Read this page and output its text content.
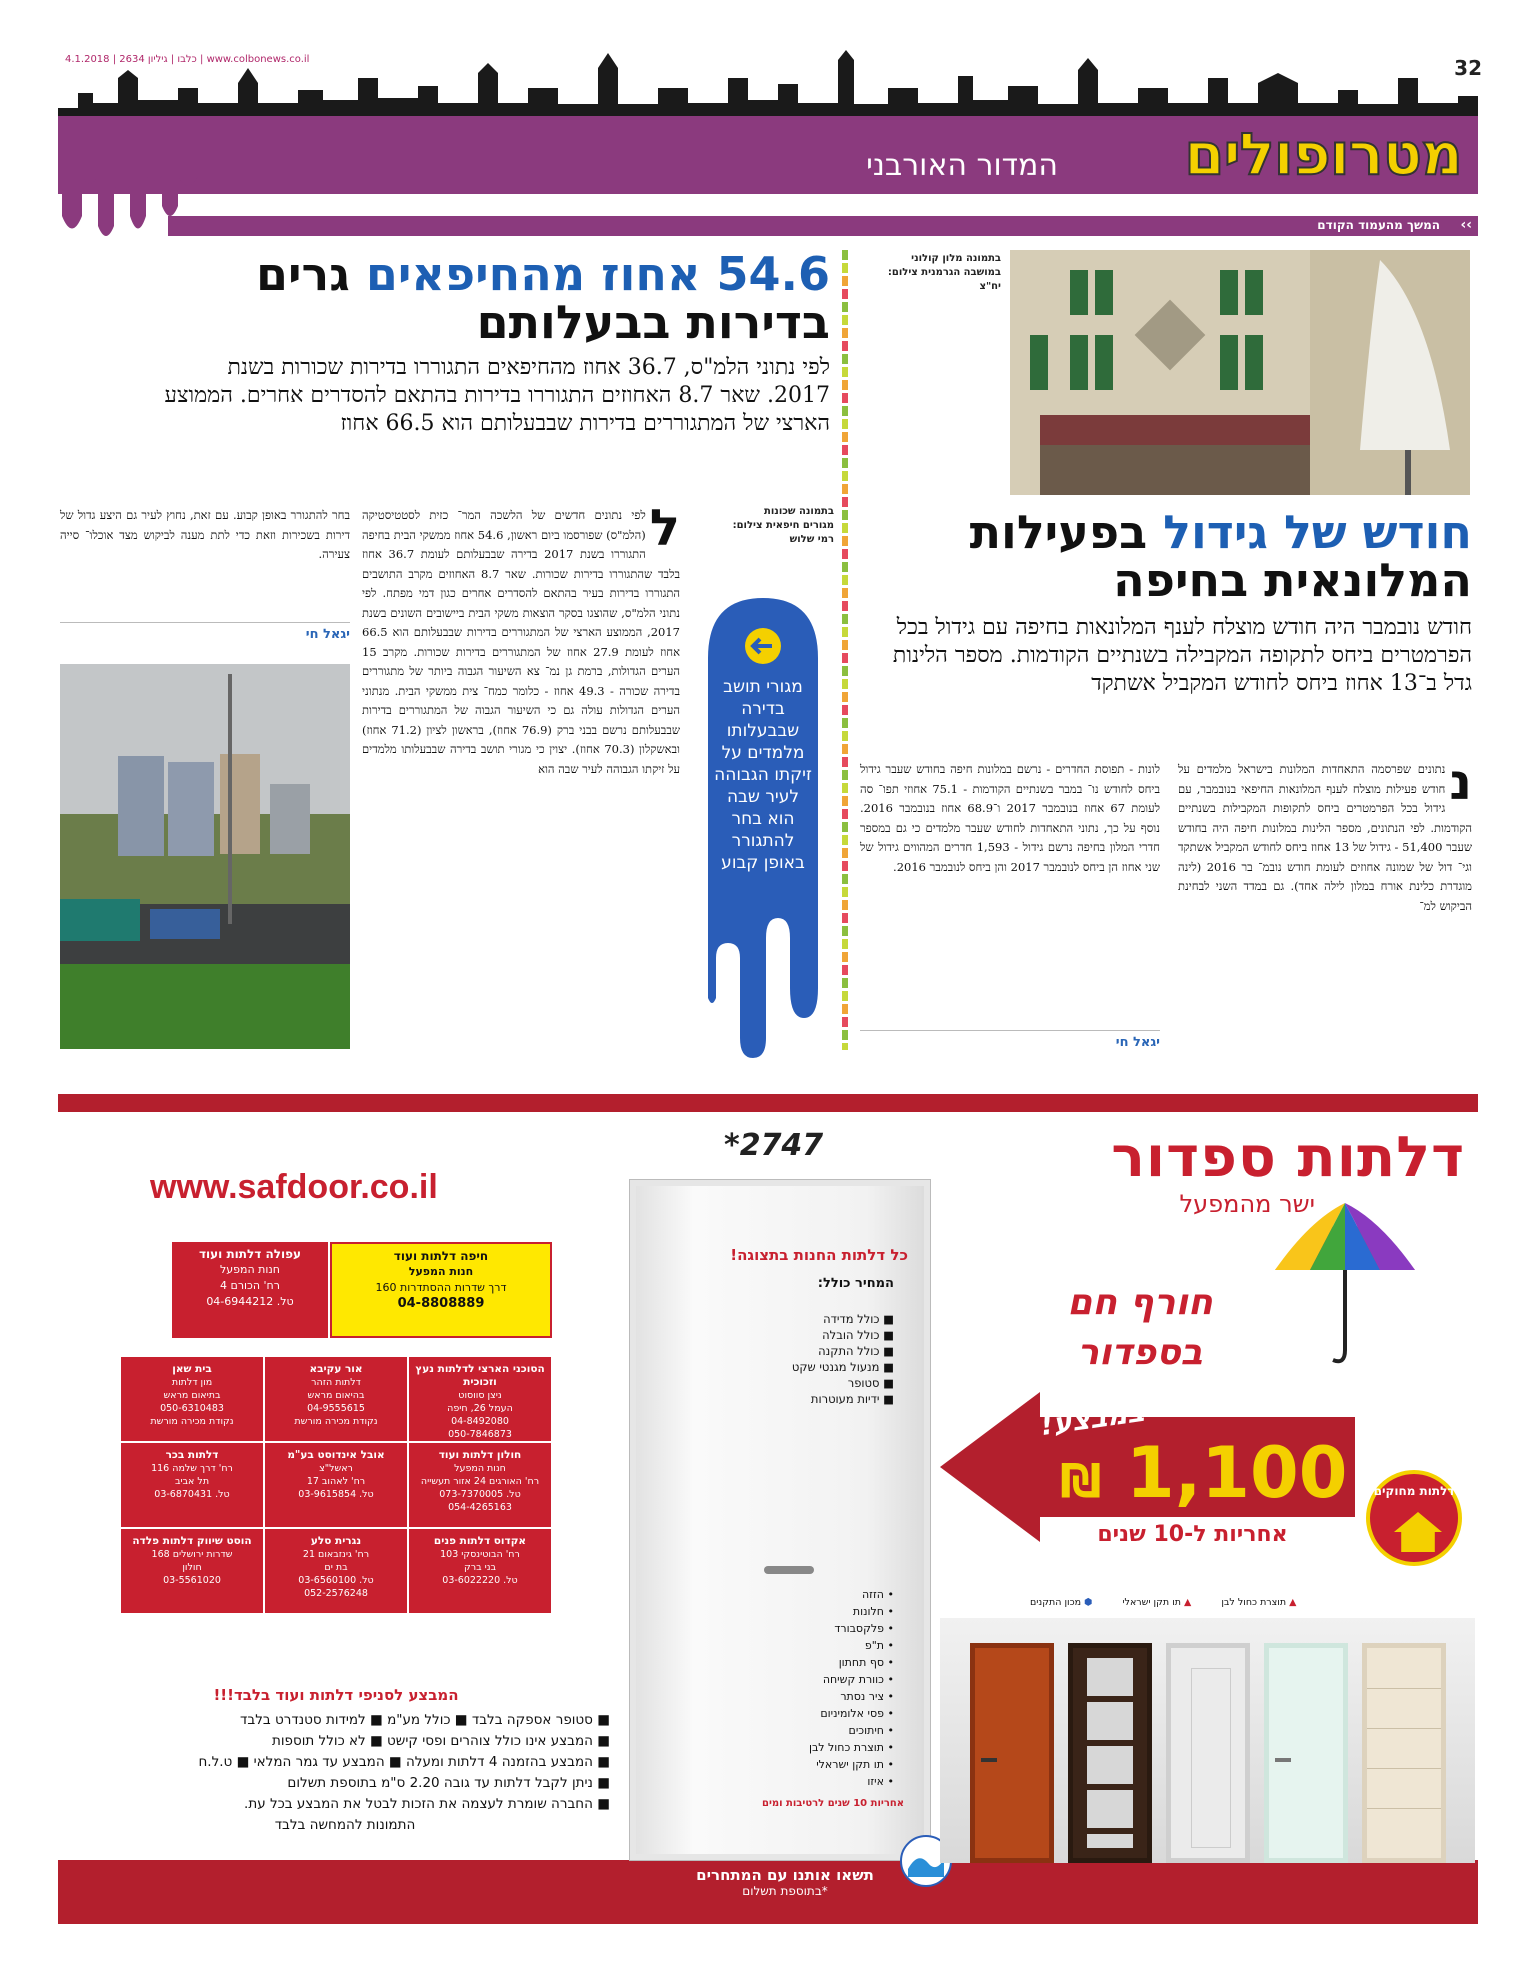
www.colbonews.co.il | כלבו | גיליון 2634 | 4.1.2018
מטרופולים
המדור האורבני
32
המשך מהעמוד הקודם ‹‹
בתמונה מלון קולוני במושבה הגרמנית צילום: יח"צ
חודש של גידול בפעילות המלונאית בחיפה
חודש נובמבר היה חודש מוצלח לענף המלונאות בחיפה עם גידול בכל הפרמטרים ביחס לתקופה המקבילה בשנתיים הקודמות. מספר הלינות גדל ב־13 אחוז ביחס לחודש המקביל אשתקד
נ
נתונים שפרסמה התאחדות המלונות בישראל מלמדים על חודש פעילות מוצלח לענף המלונאות החיפאי בנובמבר, עם גידול בכל הפרמטרים ביחס לתקופות המקבילות בשנתיים הקודמות. לפי הנתונים, מספר הלינות במלונות חיפה היה בחודש שעבר 51,400 - גידול של 13 אחוז ביחס לחודש המקביל אשתקד וגי־ דול של שמונה אחוזים לעומת חודש נובמ־ בר 2016 (לינה מוגדרת כלינת אורח במלון לילה אחד). גם במדד השני לבחינת הביקוש למ־
לונות - תפוסת החדרים - נרשם במלונות חיפה בחודש שעבר גידול ביחס לחודש נו־ במבר בשנתיים הקודמות - 75.1 אחוזי תפו־ סה לעומת 67 אחוז בנובמבר 2017 ו־68.9 אחוז בנובמבר 2016. נוסף על כך, נתוני התאחדות לחודש שעבר מלמדים כי גם במספר חדרי המלון בחיפה נרשם גידול - 1,593 חדרים המהווים גידול של שני אחוז הן ביחס לנובמבר 2017 והן ביחס לנובמבר 2016.
יגאל חי
54.6 אחוז מהחיפאים גרים
בדירות בבעלותם
לפי נתוני הלמ"ס, 36.7 אחוז מהחיפאים התגוררו בדירות שכורות בשנת 2017. שאר 8.7 האחוזים התגוררו בדירות בהתאם להסדרים אחרים. הממוצע הארצי של המתגוררים בדירות שבבעלותם הוא 66.5 אחוז
מגורי תושב בדירה שבבעלותו מלמדים על זיקתו הגבוהה לעיר שבה הוא בחר להתגורר באופן קבוע
בתמונה שכונות מגורים חיפאית צילום: רמי שלוש
ל
לפי נתונים חדשים של הלשכה המר־ כזית לסטטיסטיקה (הלמ"ס) שפורסמו ביום ראשון, 54.6 אחוז ממשקי הבית בחיפה התגוררו בשנת 2017 בדירה שבבעלותם לעומת 36.7 אחוז בלבד שהתגוררו בדירות שכורות. שאר 8.7 האחוזים מקרב התושבים התגוררו בדירות בעיר בהתאם להסדרים אחרים כגון דמי מפתח. לפי נתוני הלמ"ס, שהוצגו בסקר הוצאות משקי הבית ביישובים השונים בשנת 2017, הממוצע הארצי של המתגוררים בדירות שבבעלותם הוא 66.5 אחוז לעומת 27.9 אחוז של המתגוררים בדירות שכורות. מקרב 15 הערים הגדולות, ברמת גן נמ־ צא השיעור הגבוה ביותר של מתגוררים בדירה שכורה - 49.3 אחוז - כלומר כמח־ צית ממשקי הבית. מנתוני הערים הגדולות עולה גם כי השיעור הגבוה של המתגוררים בדירות שבבעלותם נרשם בבני ברק (76.9 אחוז), בראשון לציון (71.2 אחוז) ובאשקלון (70.3 אחוז). יצוין כי מגורי תושב בדירה שבבעלותו מלמדים על זיקתו הגבוהה לעיר שבה הוא
בחר להתגורר באופן קבוע. עם זאת, נחוץ לעיר גם היצע גדול של דירות בשכירות וזאת כדי לתת מענה לביקוש מצד אוכלו־ סייה צעירה.
יגאל חי
www.safdoor.co.il
חיפה דלתות ועוד
חנות המפעל
דרך שדרות ההסתדרות 160
04-8808889
עפולה דלתות ועוד
חנות המפעל
רח' הכורם 4
טל. 04-6944212
הסוכני הארצי לדלתות נעץ וזכוכית
ניצן סווסוט
העמל 26, חיפה
04-8492080
050-7846873
אור עקיבא
דלתות הזהר
בהיאום מראש
04-9555615
נקודת מכירה מורשת
בית שאן
מון דלתות
בתיאום מראש
050-6310483
נקודת מכירה מורשת
חולון דלתות ועוד
חנות המפעל
רח' האורגים 24 אזור תעשייה
טל. 073-7370005
054-4265163
אובל אינדוסט בע"מ
ראשל"צ
רח' לאהוב 17
טל. 03-9615854
דלתות בכר
רח' דרך שלמה 116
תל אביב
טל. 03-6870431
אקדוס דלתות פנים
רח' הבוטינסקי 103
בני ברק
טל. 03-6022220
נגרית סלע
רח' גינזבאום 21
בת ים
טל. 03-6560100
052-2576248
הוסט שיווק דלתות פלדה
שדרות ירושלים 168
חולון
03-5561020
המבצע לסניפי דלתות ועוד בלבד!!!
■ סטופר אספקה בלבד ■ כולל מע"מ ■ למידות סטנדרט בלבד
■ המבצע אינו כולל צוהרים ופסי קישט ■ לא כולל תוספות
■ המבצע בהזמנה 4 דלתות ומעלה ■ המבצע עד גמר המלאי ■ ט.ל.ח
■ ניתן לקבל דלתות עד גובה 2.20 ס"מ בתוספת תשלום
■ החברה שומרת לעצמה את הזכות לבטל את המבצע בכל עת.
התמונות להמחשה בלבד
*2747
כל דלתות החנות בתצוגה!
המחיר כולל:
■ כולל מדידה
■ כולל הובלה
■ כולל התקנה
■ מנעול מגנטי שקט
■ סטופר
■ ידיות מעוטרות
• הזזה
• חלונות
• פלקסבורד
• ת"פ
• סף תחתון
• כוורת קשיחה
• ציר נסתר
• פסי אלומיניום
• חיתוכים
• תוצרת כחול לבן
• תו תקן ישראלי
• איזו
אחריות 10 שנים לרטיבות ומים
תשאו אותנו עם המתחרים
*בתוספת תשלום
דלתות ספדור
ישר מהמפעל
חורף חם
בספדור
במבצע!
1,100 ₪
אחריות ל-10 שנים
דלתות מחוקים
▲ תוצרת כחול לבן
▲ תו תקן ישראלי
⬢ מכון התקנים
